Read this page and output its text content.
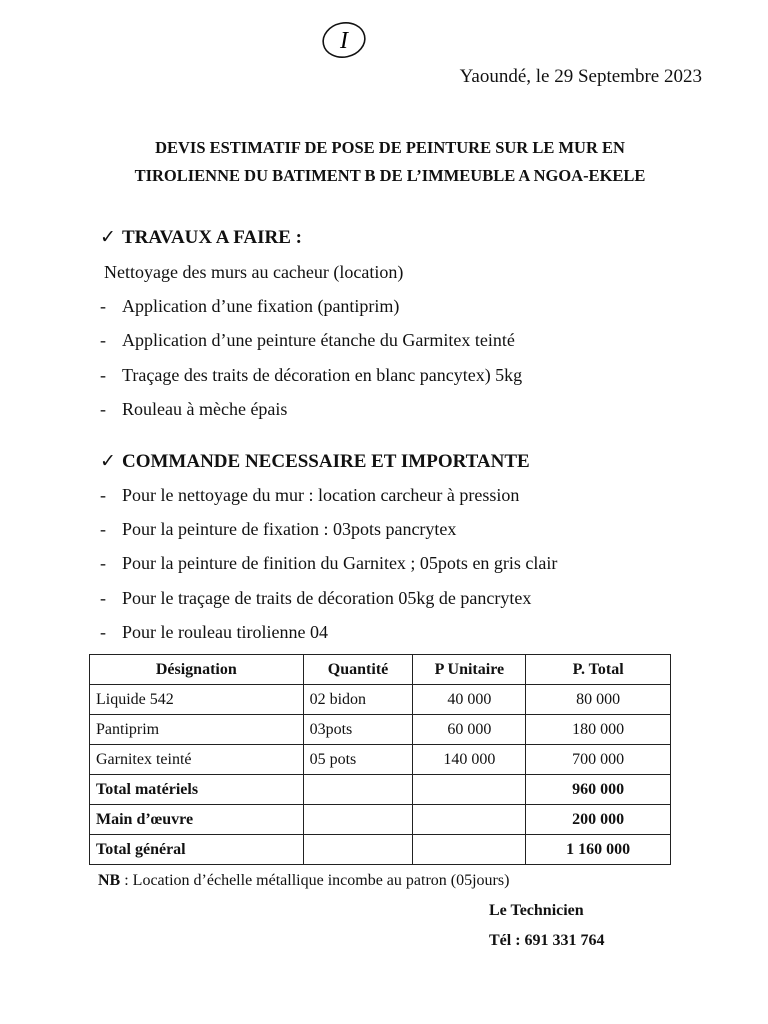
I
Yaoundé, le 29 Septembre 2023
DEVIS ESTIMATIF DE POSE DE PEINTURE SUR LE MUR EN
TIROLIENNE DU BATIMENT B DE L’IMMEUBLE A NGOA-EKELE
✓ TRAVAUX A FAIRE :
Nettoyage des murs au cacheur (location)
- Application d’une fixation (pantiprim)
- Application d’une peinture étanche du Garmitex teinté
- Traçage des traits de décoration en blanc pancytex) 5kg
- Rouleau à mèche épais
✓ COMMANDE NECESSAIRE ET IMPORTANTE
- Pour le nettoyage du mur : location carcheur à pression
- Pour la peinture de fixation : 03pots pancrytex
- Pour la peinture de finition du Garnitex ; 05pots en gris clair
- Pour le traçage de traits de décoration 05kg de pancrytex
- Pour le rouleau tirolienne 04
Désignation	Quantité	P Unitaire	P. Total
Liquide 542	02 bidon	40 000	80 000
Pantiprim	03pots	60 000	180 000
Garnitex teinté	05 pots	140 000	700 000
Total matériels			960 000
Main d’œuvre			200 000
Total général			1 160 000
NB : Location d’échelle métallique incombe au patron (05jours)
Le Technicien
Tél : 691 331 764
